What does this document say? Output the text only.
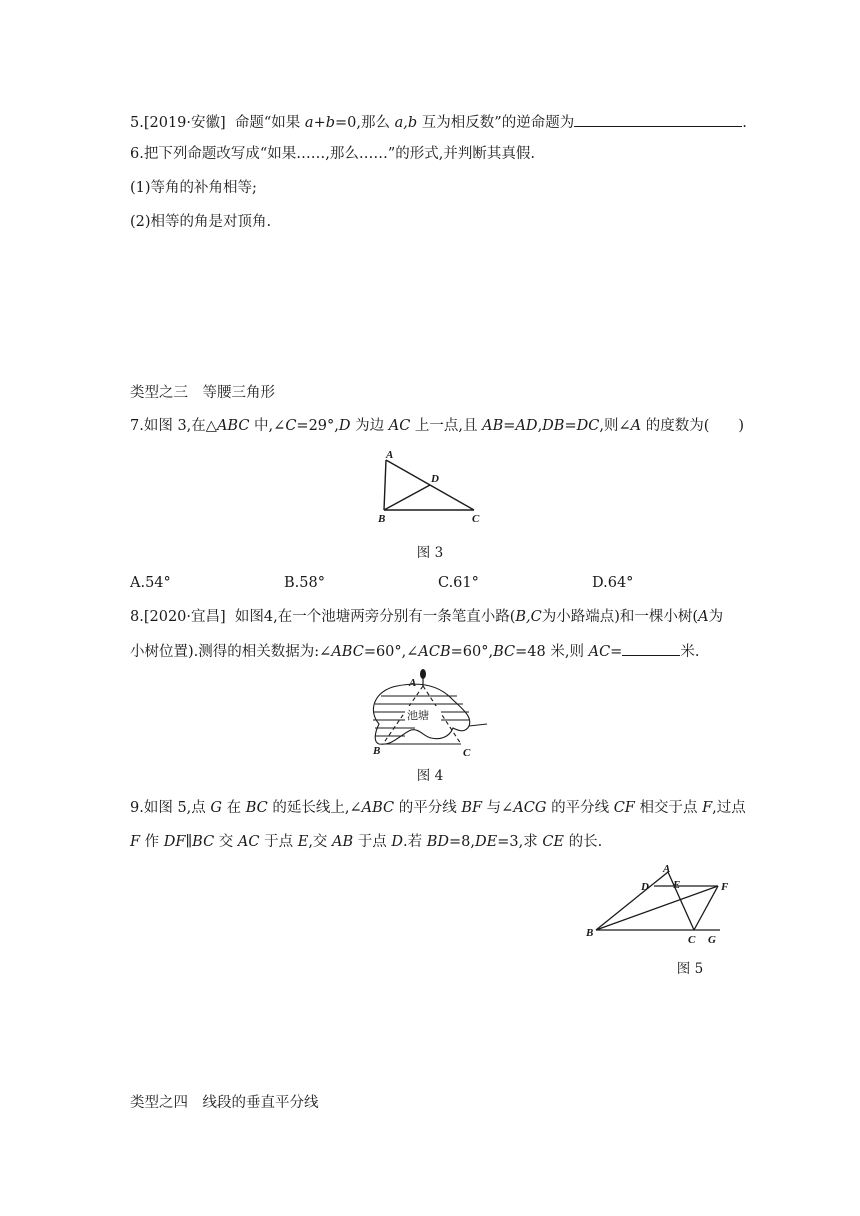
5.[2019·安徽] 命题“如果 a+b=0,那么 a,b 互为相反数”的逆命题为	.
6.把下列命题改写成“如果……,那么……”的形式,并判断其真假.
(1)等角的补角相等;
(2)相等的角是对顶角.
类型之三　等腰三角形
7.如图 3,在△ABC 中,∠C=29°,D 为边 AC 上一点,且 AB=AD,DB=DC,则∠A 的度数为(　　)
A
B	C
D
图 3
A.54°	B.58°	C.61°	D.64°
8.[2020·宜昌] 如图4,在一个池塘两旁分别有一条笔直小路(B,C为小路端点)和一棵小树(A为
小树位置).测得的相关数据为:∠ABC=60°,∠ACB=60°,BC=48 米,则 AC=	米.
池塘
A
B	C
图 4
9.如图 5,点 G 在 BC 的延长线上,∠ABC 的平分线 BF 与∠ACG 的平分线 CF 相交于点 F,过点
F 作 DF∥BC 交 AC 于点 E,交 AB 于点 D.若 BD=8,DE=3,求 CE 的长.
A
B
C
D E	F
G
图 5
类型之四　线段的垂直平分线
